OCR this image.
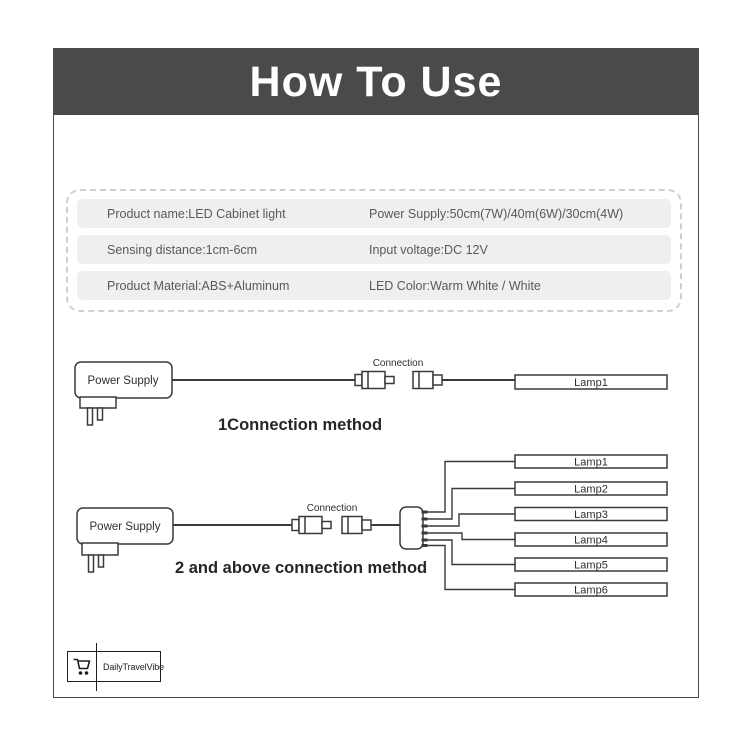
How To Use
Product name:LED Cabinet light	Power Supply:50cm(7W)/40m(6W)/30cm(4W)
Sensing distance:1cm-6cm	Input voltage:DC 12V
Product Material:ABS+Aluminum	LED Color:Warm White / White
Power Supply
Connection
Lamp1
1Connection method
Power Supply
Connection
Lamp1
Lamp2
Lamp3
Lamp4
Lamp5
Lamp6
2 and above connection method
DailyTravelVibe
